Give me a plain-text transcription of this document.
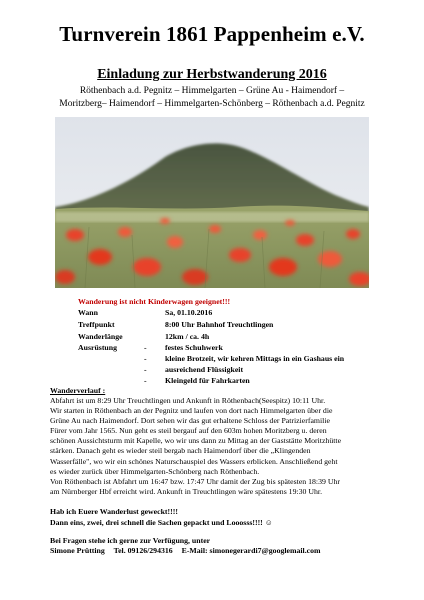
Turnverein 1861 Pappenheim e.V.
Einladung zur Herbstwanderung 2016
Röthenbach a.d. Pegnitz – Himmelgarten – Grüne Au - Haimendorf –
Moritzberg– Haimendorf – Himmelgarten-Schönberg – Röthenbach a.d. Pegnitz
Wanderung ist nicht Kinderwagen geeignet!!!
Wann	Sa, 01.10.2016
Treffpunkt	8:00 Uhr Bahnhof Treuchtlingen
Wanderlänge	12km / ca. 4h
Ausrüstung	- festes Schuhwerk
- kleine Brotzeit, wir kehren Mittags in ein Gashaus ein
- ausreichend Flüssigkeit
- Kleingeld für Fahrkarten
Wanderverlauf :
Abfahrt ist um 8:29 Uhr Treuchtlingen und Ankunft in Röthenbach(Seespitz) 10:11 Uhr.
Wir starten in Röthenbach an der Pegnitz und laufen von dort nach Himmelgarten über die
Grüne Au nach Haimendorf. Dort sehen wir das gut erhaltene Schloss der Patrizierfamilie
Fürer vom Jahr 1565. Nun geht es steil bergauf auf den 603m hohen Moritzberg u. deren
schönen Aussichtsturm mit Kapelle, wo wir uns dann zu Mittag an der Gaststätte Moritzhütte
stärken. Danach geht es wieder steil bergab nach Haimendorf über die „Klingenden
Wasserfälle", wo wir ein schönes Naturschauspiel des Wassers erblicken. Anschließend geht
es wieder zurück über Himmelgarten-Schönberg nach Röthenbach.
Von Röthenbach ist Abfahrt um 16:47 bzw. 17:47 Uhr damit der Zug bis spätesten 18:39 Uhr
am Nürnberger Hbf erreicht wird. Ankunft in Treuchtlingen wäre spätestens 19:30 Uhr.
Hab ich Euere Wanderlust geweckt!!!!
Dann eins, zwei, drei schnell die Sachen gepackt und Looosss!!!! ☺
Bei Fragen stehe ich gerne zur Verfügung, unter
Simone Prütting Tel. 09126/294316 E-Mail: simonegerardi7@googlemail.com
